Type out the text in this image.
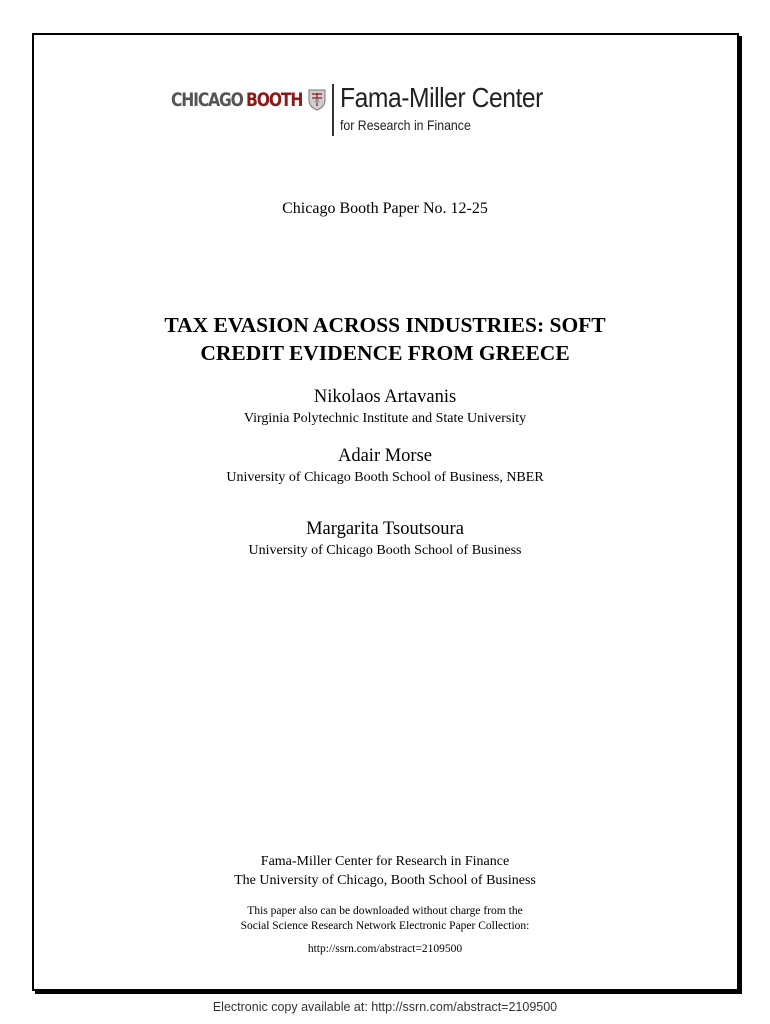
CHICAGO BOOTH Fama-Miller Center
for Research in Finance
Chicago Booth Paper No. 12-25
TAX EVASION ACROSS INDUSTRIES: SOFT
CREDIT EVIDENCE FROM GREECE
Nikolaos Artavanis
Virginia Polytechnic Institute and State University
Adair Morse
University of Chicago Booth School of Business, NBER
Margarita Tsoutsoura
University of Chicago Booth School of Business
Fama-Miller Center for Research in Finance
The University of Chicago, Booth School of Business
This paper also can be downloaded without charge from the
Social Science Research Network Electronic Paper Collection:
http://ssrn.com/abstract=2109500
Electronic copy available at: http://ssrn.com/abstract=2109500
